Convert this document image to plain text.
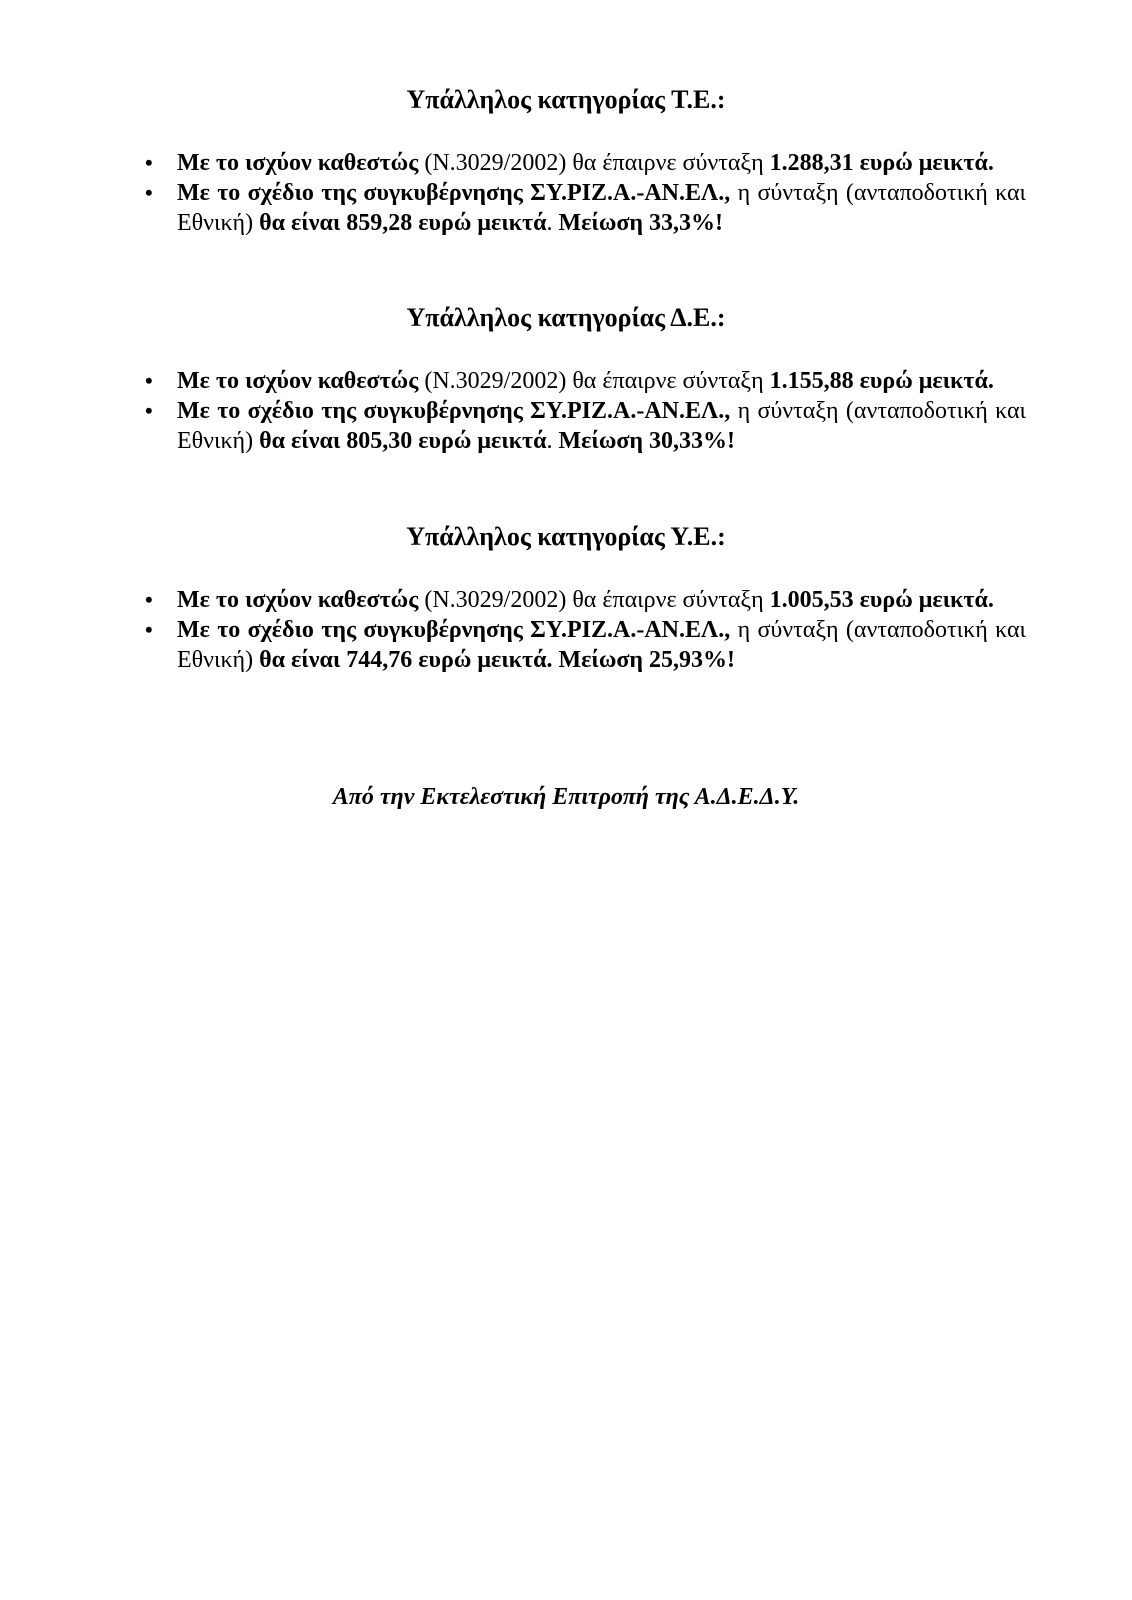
Υπάλληλος κατηγορίας Τ.Ε.:
• Με το ισχύον καθεστώς (Ν.3029/2002) θα έπαιρνε σύνταξη 1.288,31 ευρώ μεικτά.
• Με το σχέδιο της συγκυβέρνησης ΣΥ.ΡΙΖ.Α.-ΑΝ.ΕΛ., η σύνταξη (ανταποδοτική και Εθνική) θα είναι 859,28 ευρώ μεικτά. Μείωση 33,3%!
Υπάλληλος κατηγορίας Δ.Ε.:
• Με το ισχύον καθεστώς (Ν.3029/2002) θα έπαιρνε σύνταξη 1.155,88 ευρώ μεικτά.
• Με το σχέδιο της συγκυβέρνησης ΣΥ.ΡΙΖ.Α.-ΑΝ.ΕΛ., η σύνταξη (ανταποδοτική και Εθνική) θα είναι 805,30 ευρώ μεικτά. Μείωση 30,33%!
Υπάλληλος κατηγορίας Υ.Ε.:
• Με το ισχύον καθεστώς (Ν.3029/2002) θα έπαιρνε σύνταξη 1.005,53 ευρώ μεικτά.
• Με το σχέδιο της συγκυβέρνησης ΣΥ.ΡΙΖ.Α.-ΑΝ.ΕΛ., η σύνταξη (ανταποδοτική και Εθνική) θα είναι 744,76 ευρώ μεικτά. Μείωση 25,93%!

Από την Εκτελεστική Επιτροπή της Α.Δ.Ε.Δ.Υ.
